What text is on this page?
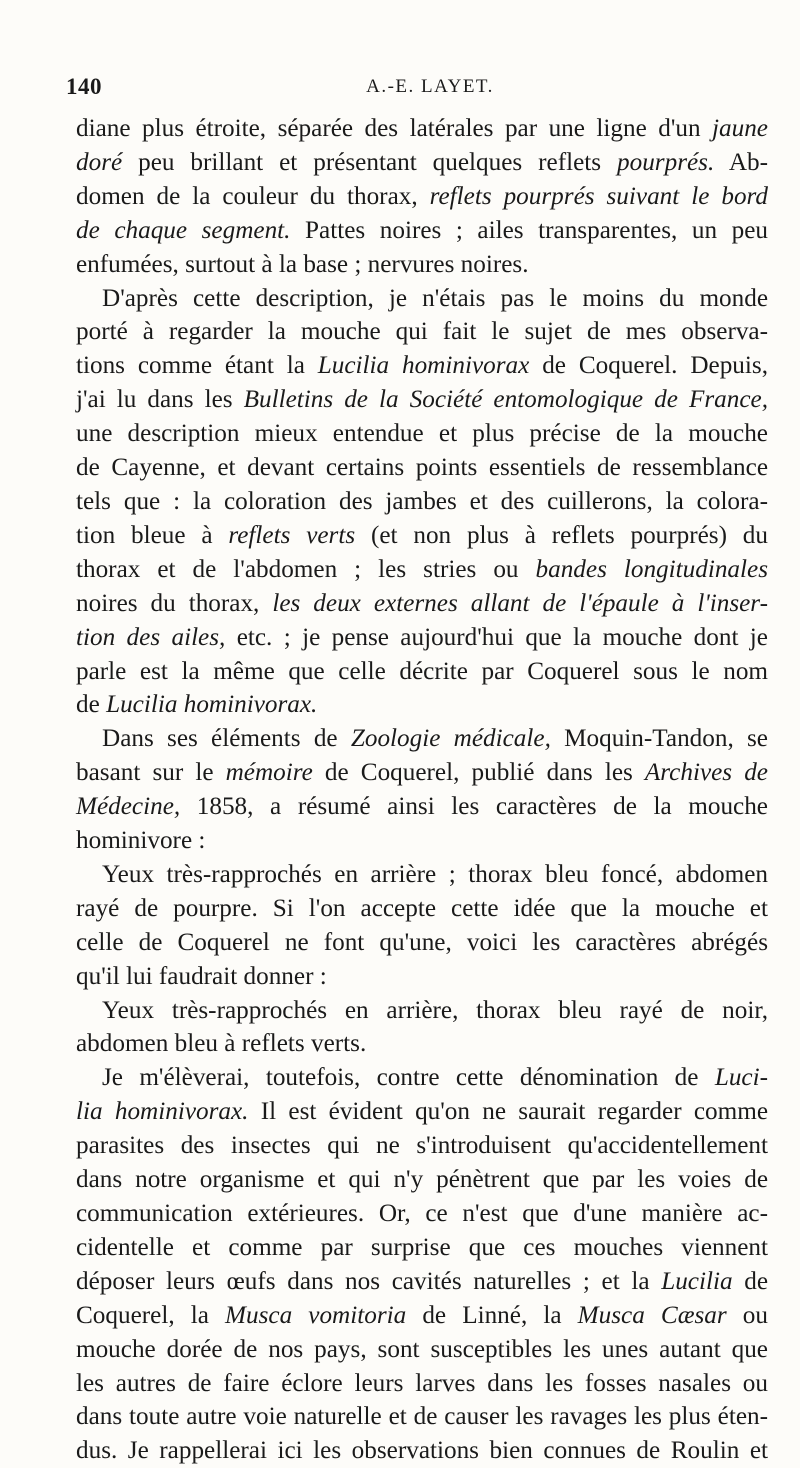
140	A.-E. LAYET.
diane plus étroite, séparée des latérales par une ligne d'un jaune
doré peu brillant et présentant quelques reflets pourprés. Ab-
domen de la couleur du thorax, reflets pourprés suivant le bord
de chaque segment. Pattes noires ; ailes transparentes, un peu
enfumées, surtout à la base ; nervures noires.
D'après cette description, je n'étais pas le moins du monde
porté à regarder la mouche qui fait le sujet de mes observa-
tions comme étant la Lucilia hominivorax de Coquerel. Depuis,
j'ai lu dans les Bulletins de la Société entomologique de France,
une description mieux entendue et plus précise de la mouche
de Cayenne, et devant certains points essentiels de ressemblance
tels que : la coloration des jambes et des cuillerons, la colora-
tion bleue à reflets verts (et non plus à reflets pourprés) du
thorax et de l'abdomen ; les stries ou bandes longitudinales
noires du thorax, les deux externes allant de l'épaule à l'inser-
tion des ailes, etc. ; je pense aujourd'hui que la mouche dont je
parle est la même que celle décrite par Coquerel sous le nom
de Lucilia hominivorax.
Dans ses éléments de Zoologie médicale, Moquin-Tandon, se
basant sur le mémoire de Coquerel, publié dans les Archives de
Médecine, 1858, a résumé ainsi les caractères de la mouche
hominivore :
Yeux très-rapprochés en arrière ; thorax bleu foncé, abdomen
rayé de pourpre. Si l'on accepte cette idée que la mouche et
celle de Coquerel ne font qu'une, voici les caractères abrégés
qu'il lui faudrait donner :
Yeux très-rapprochés en arrière, thorax bleu rayé de noir,
abdomen bleu à reflets verts.
Je m'élèverai, toutefois, contre cette dénomination de Luci-
lia hominivorax. Il est évident qu'on ne saurait regarder comme
parasites des insectes qui ne s'introduisent qu'accidentellement
dans notre organisme et qui n'y pénètrent que par les voies de
communication extérieures. Or, ce n'est que d'une manière ac-
cidentelle et comme par surprise que ces mouches viennent
déposer leurs œufs dans nos cavités naturelles ; et la Lucilia de
Coquerel, la Musca vomitoria de Linné, la Musca Cæsar ou
mouche dorée de nos pays, sont susceptibles les unes autant que
les autres de faire éclore leurs larves dans les fosses nasales ou
dans toute autre voie naturelle et de causer les ravages les plus éten-
dus. Je rappellerai ici les observations bien connues de Roulin et
